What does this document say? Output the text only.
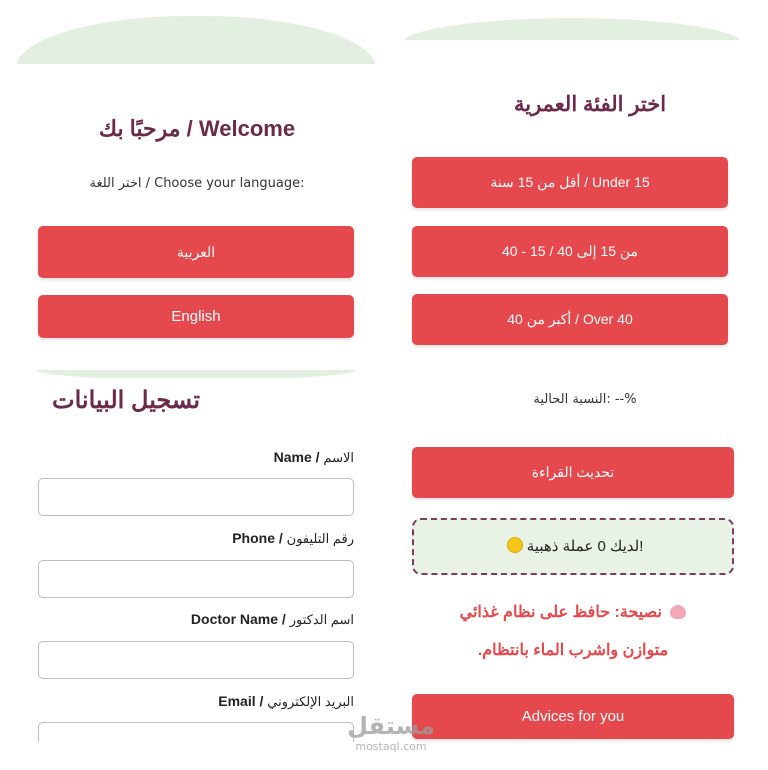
مرحبًا بك / Welcome
اختر اللغة / Choose your language:
العربية
English
تسجيل البيانات
Name / الاسم
Phone / رقم التليفون
Doctor Name / اسم الدكتور
Email / البريد الإلكتروني
اختر الفئة العمرية
أقل من 15 سنة / Under 15
من 15 إلى 40 / 15 - 40
أكبر من 40 / Over 40
النسبة الحالية: --%
تحديث القراءة
لديك 0 عملة ذهبية!
نصيحة: حافظ على نظام غذائي
متوازن واشرب الماء بانتظام.
Advices for you
مستقل
mostaql.com
